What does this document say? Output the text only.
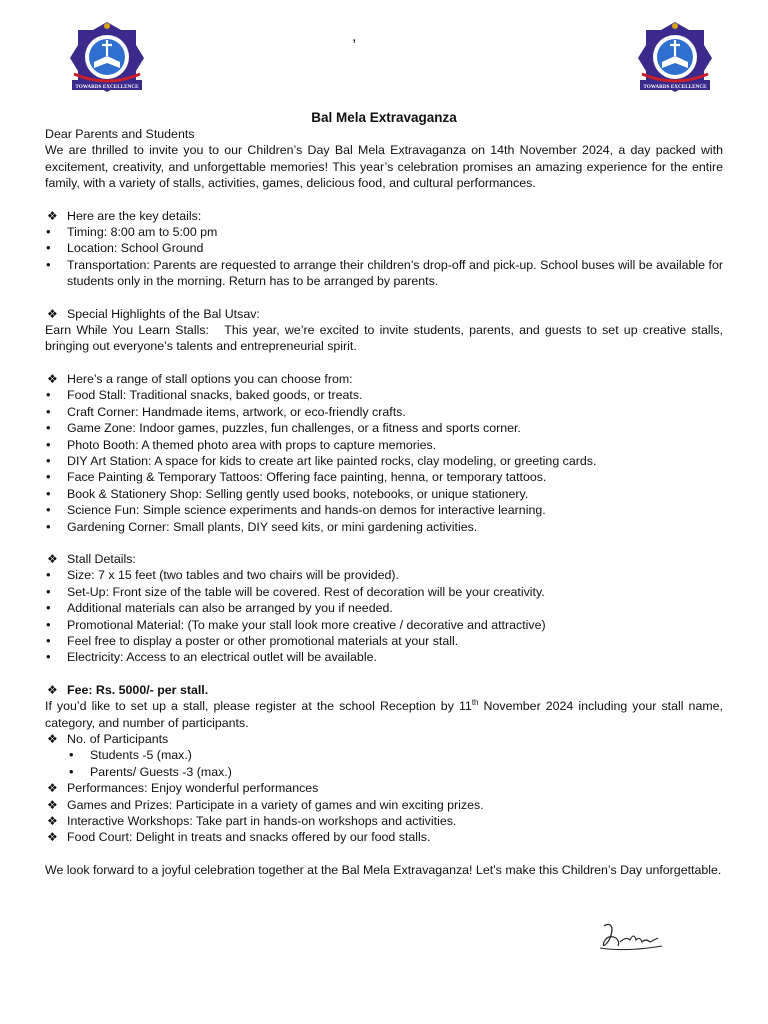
TOWARDS EXCELLENCE
,
TOWARDS EXCELLENCE
Bal Mela Extravaganza

Dear Parents and Students

We are thrilled to invite you to our Children’s Day Bal Mela Extravaganza on 14th November 2024, a day packed with excitement, creativity, and unforgettable memories! This year’s celebration promises an amazing experience for the entire family, with a variety of stalls, activities, games, delicious food, and cultural performances.

❖ Here are the key details:

• Timing: 8:00 am to 5:00 pm

• Location: School Ground

• Transportation: Parents are requested to arrange their children’s drop-off and pick-up. School buses will be available for students only in the morning. Return has to be arranged by parents.

❖ Special Highlights of the Bal Utsav:

Earn While You Learn Stalls:   This year, we’re excited to invite students, parents, and guests to set up creative stalls, bringing out everyone’s talents and entrepreneurial spirit.

❖ Here’s a range of stall options you can choose from:

• Food Stall: Traditional snacks, baked goods, or treats.

• Craft Corner: Handmade items, artwork, or eco-friendly crafts.

• Game Zone: Indoor games, puzzles, fun challenges, or a fitness and sports corner.

• Photo Booth: A themed photo area with props to capture memories.

• DIY Art Station: A space for kids to create art like painted rocks, clay modeling, or greeting cards.

• Face Painting & Temporary Tattoos: Offering face painting, henna, or temporary tattoos.

• Book & Stationery Shop: Selling gently used books, notebooks, or unique stationery.

• Science Fun: Simple science experiments and hands-on demos for interactive learning.

• Gardening Corner: Small plants, DIY seed kits, or mini gardening activities.

❖ Stall Details:

• Size: 7 x 15 feet (two tables and two chairs will be provided).

• Set-Up: Front size of the table will be covered. Rest of decoration will be your creativity.

• Additional materials can also be arranged by you if needed.

• Promotional Material: (To make your stall look more creative / decorative and attractive)

• Feel free to display a poster or other promotional materials at your stall.

• Electricity: Access to an electrical outlet will be available.

❖ Fee: Rs. 5000/- per stall.

If you’d like to set up a stall, please register at the school Reception by 11th November 2024 including your stall name, category, and number of participants.

❖ No. of Participants

• Students -5 (max.)

• Parents/ Guests -3 (max.)

❖ Performances: Enjoy wonderful performances

❖ Games and Prizes: Participate in a variety of games and win exciting prizes.

❖ Interactive Workshops: Take part in hands-on workshops and activities.

❖ Food Court: Delight in treats and snacks offered by our food stalls.

We look forward to a joyful celebration together at the Bal Mela Extravaganza! Let’s make this Children’s Day unforgettable.
